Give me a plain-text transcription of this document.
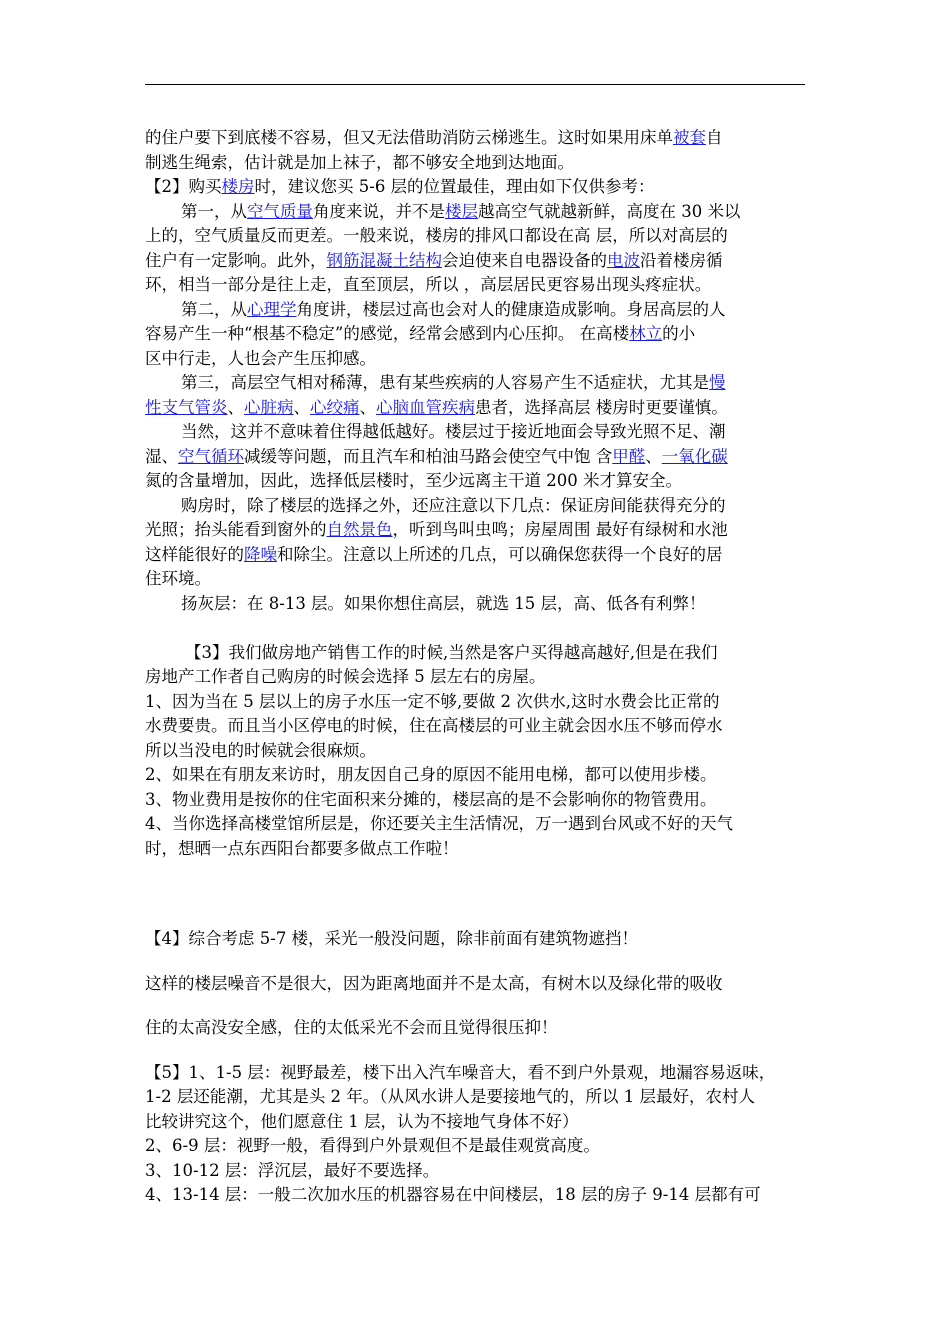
的住户要下到底楼不容易，但又无法借助消防云梯逃生。这时如果用床单被套自

制逃生绳索，估计就是加上袜子，都不够安全地到达地面。

【2】购买楼房时，建议您买 5-6 层的位置最佳，理由如下仅供参考：

第一，从空气质量角度来说，并不是楼层越高空气就越新鲜，高度在 30 米以

上的，空气质量反而更差。一般来说，楼房的排风口都设在高 层，所以对高层的

住户有一定影响。此外，钢筋混凝土结构会迫使来自电器设备的电波沿着楼房循

环，相当一部分是往上走，直至顶层，所以 ，高层居民更容易出现头疼症状。

第二，从心理学角度讲，楼层过高也会对人的健康造成影响。身居高层的人

容易产生一种“根基不稳定”的感觉，经常会感到内心压抑。 在高楼林立的小

区中行走，人也会产生压抑感。

第三，高层空气相对稀薄，患有某些疾病的人容易产生不适症状，尤其是慢

性支气管炎、心脏病、心绞痛、心脑血管疾病患者，选择高层 楼房时更要谨慎。

当然，这并不意味着住得越低越好。楼层过于接近地面会导致光照不足、潮

湿、空气循环减缓等问题，而且汽车和柏油马路会使空气中饱 含甲醛、一氧化碳

氮的含量增加，因此，选择低层楼时，至少远离主干道 200 米才算安全。

购房时，除了楼层的选择之外，还应注意以下几点：保证房间能获得充分的

光照；抬头能看到窗外的自然景色，听到鸟叫虫鸣；房屋周围 最好有绿树和水池

这样能很好的降噪和除尘。注意以上所述的几点，可以确保您获得一个良好的居

住环境。

扬灰层：在 8-13 层。如果你想住高层，就选 15 层，高、低各有利弊！

【3】我们做房地产销售工作的时候,当然是客户买得越高越好,但是在我们

房地产工作者自己购房的时候会选择 5 层左右的房屋。

1、因为当在 5 层以上的房子水压一定不够,要做 2 次供水,这时水费会比正常的

水费要贵。而且当小区停电的时候，住在高楼层的可业主就会因水压不够而停水

所以当没电的时候就会很麻烦。

2、如果在有朋友来访时，朋友因自己身的原因不能用电梯，都可以使用步楼。

3、物业费用是按你的住宅面积来分摊的，楼层高的是不会影响你的物管费用。

4、当你选择高楼堂馆所层是，你还要关主生活情况，万一遇到台风或不好的天气

时，想晒一点东西阳台都要多做点工作啦！

【4】综合考虑 5-7 楼，采光一般没问题，除非前面有建筑物遮挡！

这样的楼层噪音不是很大，因为距离地面并不是太高，有树木以及绿化带的吸收

住的太高没安全感，住的太低采光不会而且觉得很压抑！

【5】1、1-5 层：视野最差，楼下出入汽车噪音大，看不到户外景观，地漏容易返味，

1-2 层还能潮，尤其是头 2 年。（从风水讲人是要接地气的，所以 1 层最好，农村人

比较讲究这个，他们愿意住 1 层，认为不接地气身体不好）

2、6-9 层：视野一般，看得到户外景观但不是最佳观赏高度。

3、10-12 层：浮沉层，最好不要选择。

4、13-14 层：一般二次加水压的机器容易在中间楼层，18 层的房子 9-14 层都有可
